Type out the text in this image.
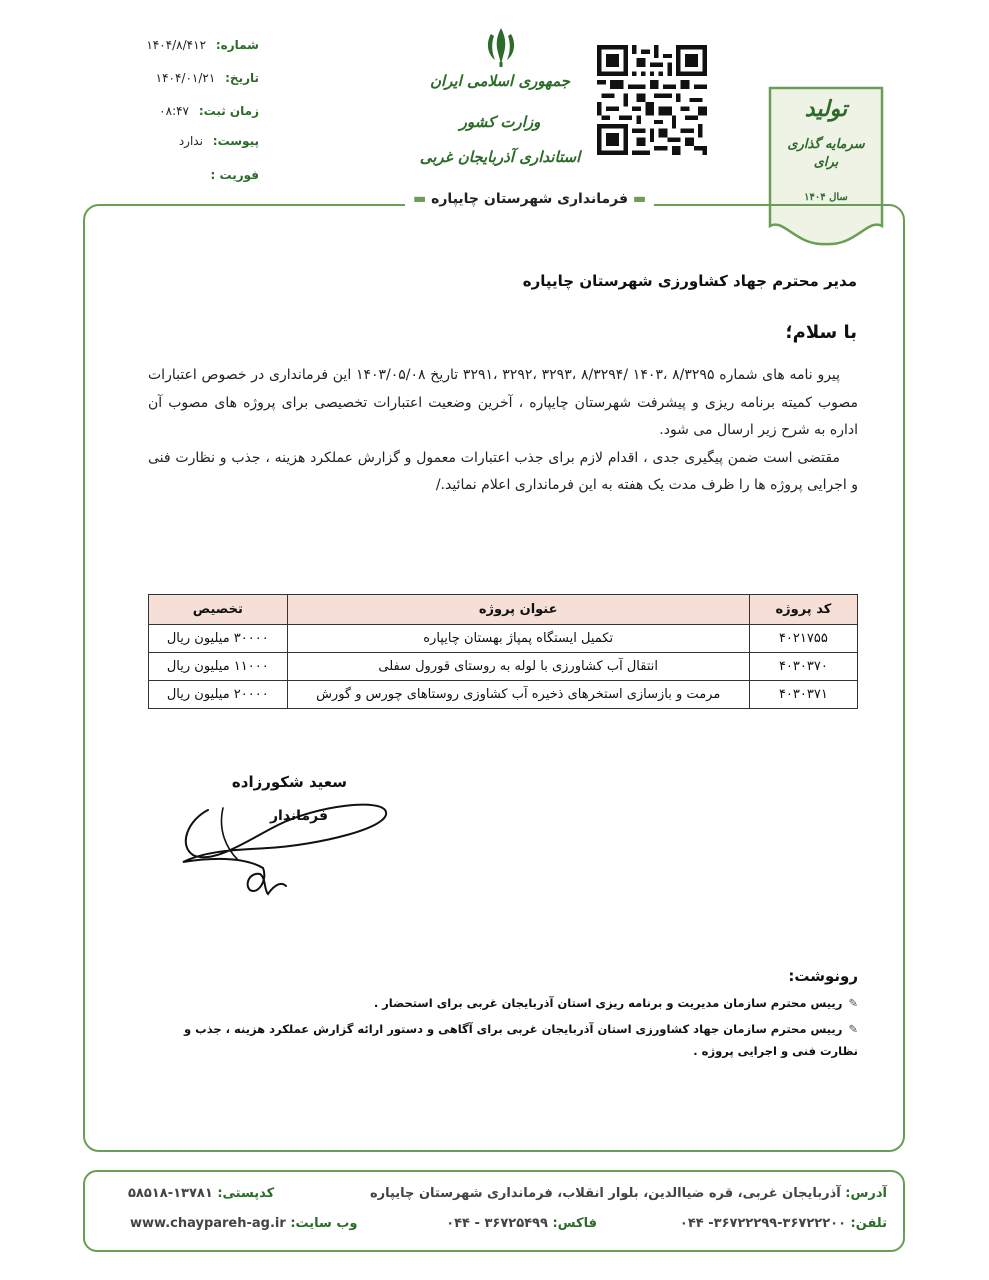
شماره: ۱۴۰۴/۸/۴۱۲
تاریخ: ۱۴۰۴/۰۱/۲۱
زمان ثبت: ۰۸:۴۷
پیوست: ندارد
فوریت :
جمهوری اسلامی ایران
وزارت کشور
استانداری آذربایجان غربی
تولید
سرمایه گذاری برای
سال ۱۴۰۴
▬ فرمانداری شهرستان چایپاره ▬
مدیر محترم جهاد کشاورزی شهرستان چایپاره
با سلام؛

پیرو نامه های شماره ۸/۳۲۹۵ ،۱۴۰۳ /۸/۳۲۹۴ ،۳۲۹۳ ،۳۲۹۲ ،۳۲۹۱ تاریخ ۱۴۰۳/۰۵/۰۸ این فرمانداری در خصوص اعتبارات مصوب کمیته برنامه ریزی و پیشرفت شهرستان چایپاره ، آخرین وضعیت اعتبارات تخصیصی برای پروژه های مصوب آن اداره به شرح زیر ارسال می شود.

مقتضی است ضمن پیگیری جدی ، اقدام لازم برای جذب اعتبارات معمول و گزارش عملکرد هزینه ، جذب و نظارت فنی و اجرایی پروژه ها را ظرف مدت یک هفته به این فرمانداری اعلام نمائید./

کد پروژه	عنوان پروژه	تخصیص
۴۰۲۱۷۵۵	تکمیل ایستگاه پمپاژ بهستان چایپاره	۳۰۰۰۰ میلیون ریال
۴۰۳۰۳۷۰	انتقال آب کشاورزی با لوله به روستای قورول سفلی	۱۱۰۰۰ میلیون ریال
۴۰۳۰۳۷۱	مرمت و بازسازی استخرهای ذخیره آب کشاوزی روستاهای چورس و گورش	۲۰۰۰۰ میلیون ریال
سعید شکورزاده
فرماندار
رونوشت:
✎رییس محترم سازمان مدیریت و برنامه ریزی استان آذربایجان غربی برای استحضار .
✎رییس محترم سازمان جهاد کشاورزی استان آذربایجان غربی برای آگاهی و دستور ارائه گزارش عملکرد هزینه ، جذب و نظارت فنی و اجرایی پروژه .
آدرس: آذربایجان غربی، قره ضیاالدین، بلوار انقلاب، فرمانداری شهرستان چایپاره
کدپستی: ۱۳۷۸۱-۵۸۵۱۸
تلفن: ۳۶۷۲۲۲۰۰-۳۶۷۲۲۲۹۹- ۰۴۴
فاکس: ۳۶۷۲۵۴۹۹ - ۰۴۴
وب سایت: www.chaypareh-ag.ir
